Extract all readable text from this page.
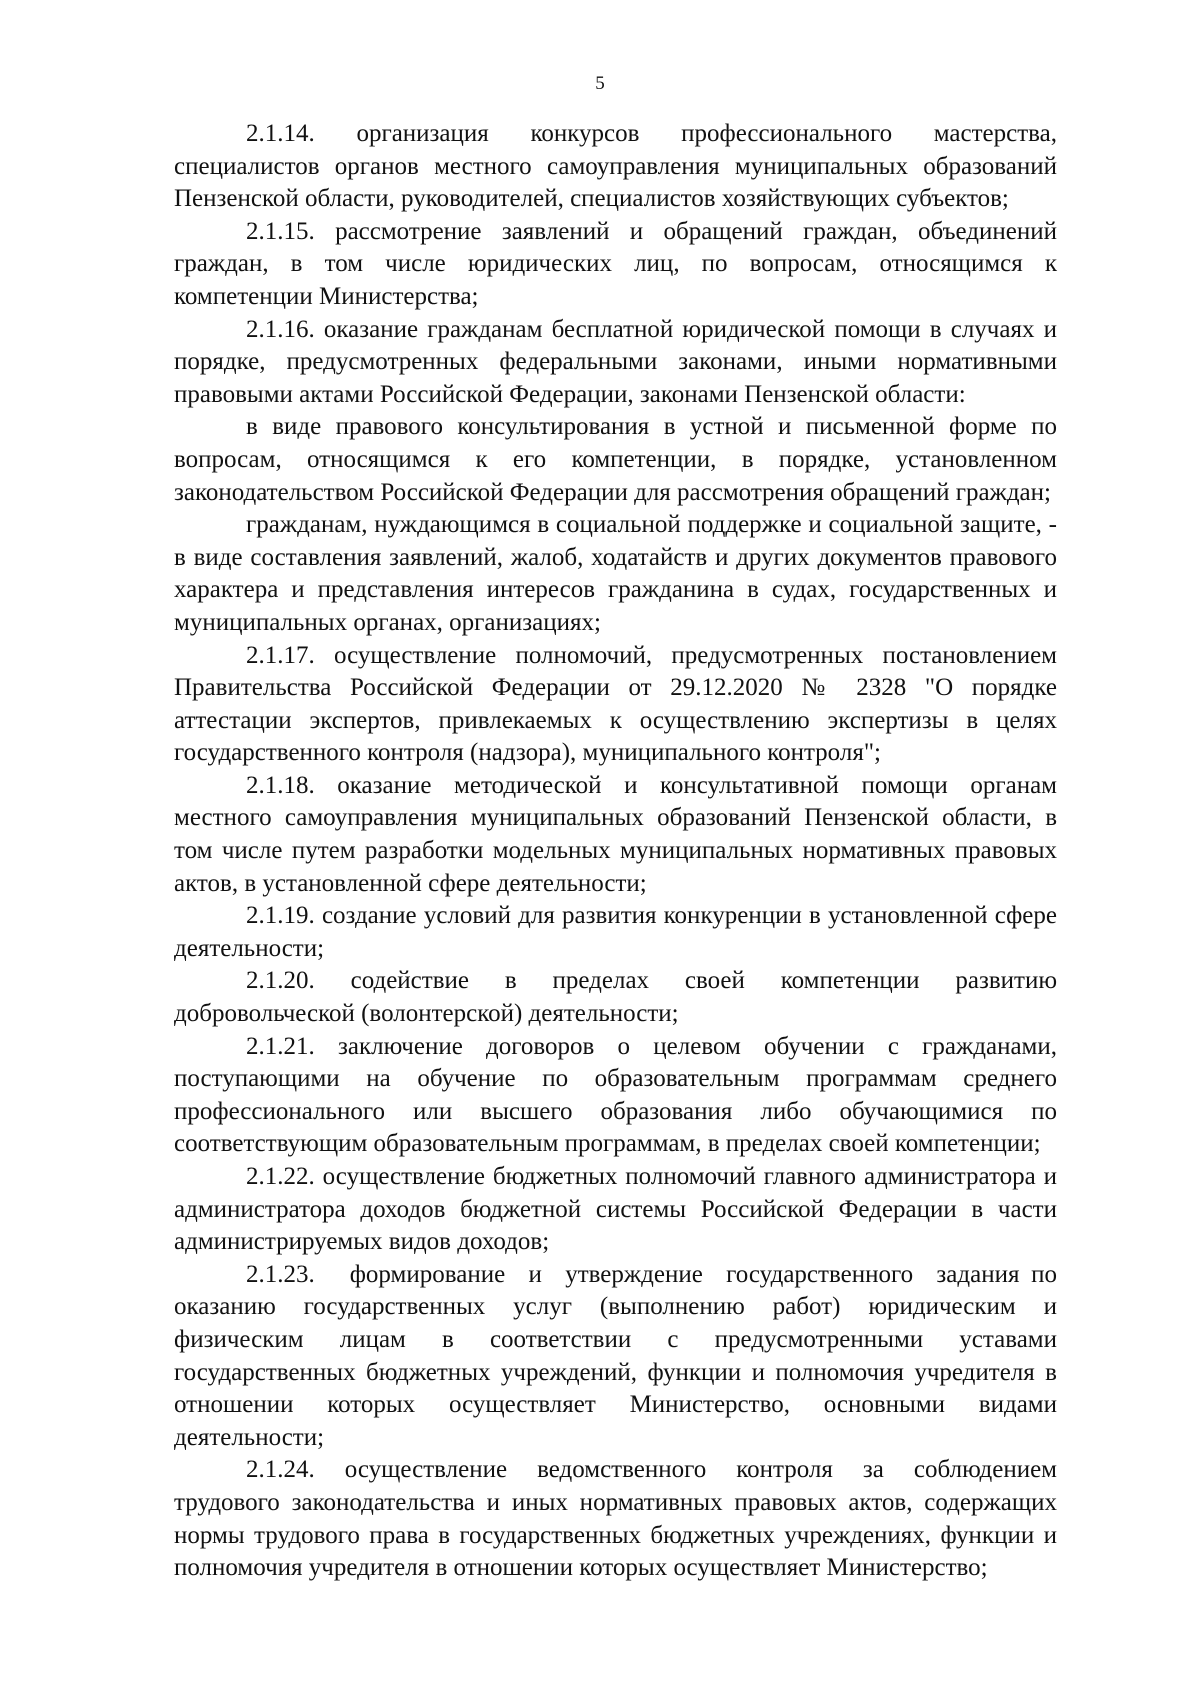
5

2.1.14.   организация   конкурсов   профессионального   мастерства, специалистов органов местного самоуправления муниципальных образований Пензенской области, руководителей, специалистов хозяйствующих субъектов;

2.1.15. рассмотрение заявлений и обращений граждан, объединений граждан, в том числе юридических лиц, по вопросам, относящимся к компетенции Министерства;

2.1.16. оказание гражданам бесплатной юридической помощи в случаях и порядке, предусмотренных федеральными законами, иными нормативными правовыми актами Российской Федерации, законами Пензенской области:

в виде правового консультирования в устной и письменной форме по вопросам, относящимся к его компетенции, в порядке, установленном законодательством Российской Федерации для рассмотрения обращений граждан;

гражданам, нуждающимся в социальной поддержке и социальной защите, - в виде составления заявлений, жалоб, ходатайств и других документов правового характера и представления интересов гражданина в судах, государственных и муниципальных органах, организациях;

2.1.17. осуществление полномочий, предусмотренных постановлением Правительства Российской Федерации от 29.12.2020 № 2328 "О порядке аттестации экспертов, привлекаемых к осуществлению экспертизы в целях государственного контроля (надзора), муниципального контроля";

2.1.18. оказание методической и консультативной помощи органам местного самоуправления муниципальных образований Пензенской области, в том числе путем разработки модельных муниципальных нормативных правовых актов, в установленной сфере деятельности;

2.1.19. создание условий для развития конкуренции в установленной сфере деятельности;

2.1.20. содействие в пределах своей компетенции развитию добровольческой (волонтерской) деятельности;

2.1.21. заключение договоров о целевом обучении с гражданами, поступающими на обучение по образовательным программам среднего профессионального или высшего образования либо обучающимися по соответствующим образовательным программам, в пределах своей компетенции;

2.1.22. осуществление бюджетных полномочий главного администратора и администратора доходов бюджетной системы Российской Федерации в части администрируемых видов доходов;

2.1.23.   формирование  и  утверждение  государственного  задания по оказанию государственных услуг (выполнению работ) юридическим и физическим лицам в соответствии с предусмотренными уставами государственных бюджетных учреждений, функции и полномочия учредителя в отношении которых осуществляет Министерство, основными видами деятельности;

2.1.24.  осуществление  ведомственного  контроля  за  соблюдением трудового законодательства и иных нормативных правовых актов, содержащих нормы трудового права в государственных бюджетных учреждениях, функции и полномочия учредителя в отношении которых осуществляет Министерство;
